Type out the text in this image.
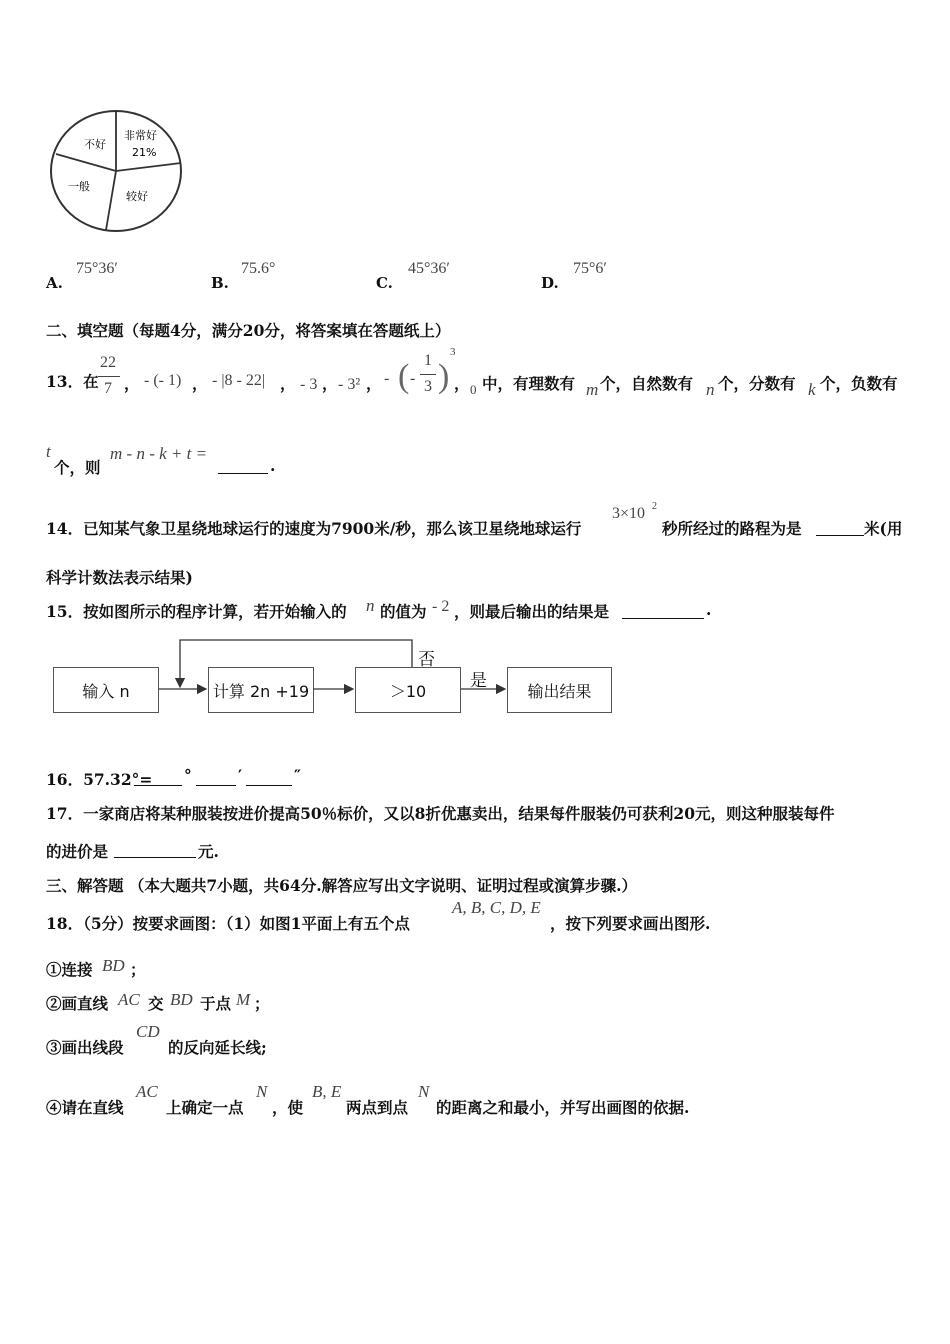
不好
非常好
21%
一般
较好
75°36′
A.
75.6°
B.
45°36′
C.
75°6′
D.
二、填空题（每题4分，满分20分，将答案填在答题纸上）
13．在
22
7 ， - (- 1) ， - |8 - 22| ， - 3 ， - 3² ， - ( -
1
3 )
3
， 0 中，有理数有 m 个，自然数有 n 个，分数有 k 个，负数有
t
个，则
m - n - k + t =
.
14．已知某气象卫星绕地球运行的速度为7900米/秒，那么该卫星绕地球运行
3×10 2
秒所经过的路程为是	米(用
科学计数法表示结果)
15．按如图所示的程序计算，若开始输入的 n 的值为 - 2 ，则最后输出的结果是	.
输入 n	计算 2n +19	＞10	输出结果
否
是
16．57.32°= °	′	″
17．一家商店将某种服装按进价提高50％标价，又以8折优惠卖出，结果每件服装仍可获利20元，则这种服装每件
的进价是	元.
三、解答题 （本大题共7小题，共64分.解答应写出文字说明、证明过程或演算步骤.）
18．（5分）按要求画图：（1）如图1平面上有五个点
A, B, C, D, E
，按下列要求画出图形.
①连接 BD ；
②画直线 AC 交 BD 于点 M ；
③画出线段
CD
的反向延长线;
④请在直线
AC
上确定一点
N
，使
B, E
两点到点
N
的距离之和最小，并写出画图的依据.
